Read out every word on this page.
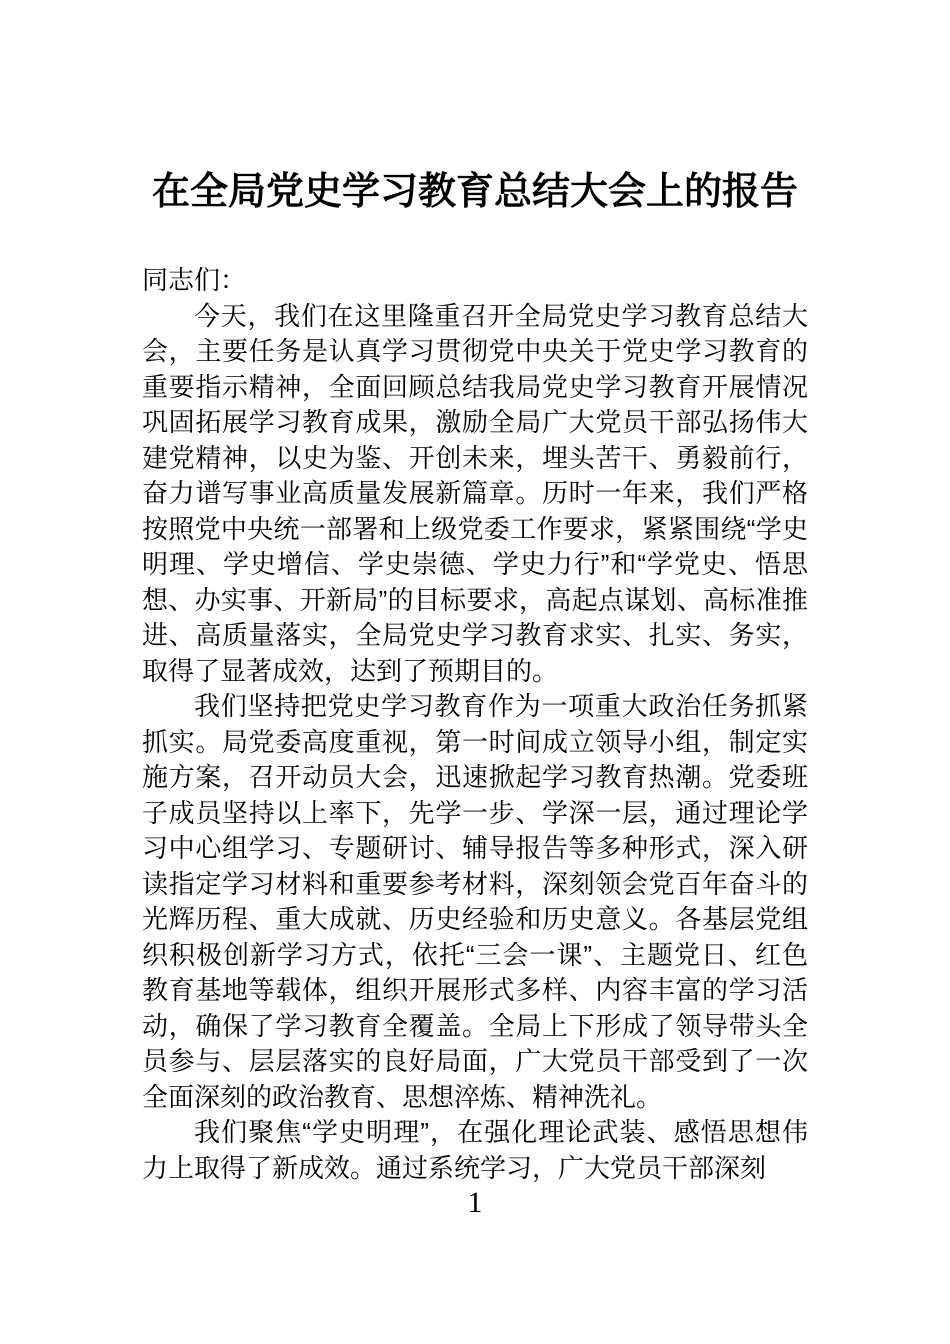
在全局党史学习教育总结大会上的报告

同志们：

今天，我们在这里隆重召开全局党史学习教育总结大会，主要任务是认真学习贯彻党中央关于党史学习教育的重要指示精神，全面回顾总结我局党史学习教育开展情况巩固拓展学习教育成果，激励全局广大党员干部弘扬伟大建党精神，以史为鉴、开创未来，埋头苦干、勇毅前行，奋力谱写事业高质量发展新篇章。历时一年来，我们严格按照党中央统一部署和上级党委工作要求，紧紧围绕“学史明理、学史增信、学史崇德、学史力行”和“学党史、悟思想、办实事、开新局”的目标要求，高起点谋划、高标准推进、高质量落实，全局党史学习教育求实、扎实、务实，取得了显著成效，达到了预期目的。

我们坚持把党史学习教育作为一项重大政治任务抓紧抓实。局党委高度重视，第一时间成立领导小组，制定实施方案，召开动员大会，迅速掀起学习教育热潮。党委班子成员坚持以上率下，先学一步、学深一层，通过理论学习中心组学习、专题研讨、辅导报告等多种形式，深入研读指定学习材料和重要参考材料，深刻领会党百年奋斗的光辉历程、重大成就、历史经验和历史意义。各基层党组织积极创新学习方式，依托“三会一课”、主题党日、红色教育基地等载体，组织开展形式多样、内容丰富的学习活动，确保了学习教育全覆盖。全局上下形成了领导带头全员参与、层层落实的良好局面，广大党员干部受到了一次全面深刻的政治教育、思想淬炼、精神洗礼。

我们聚焦“学史明理”，在强化理论武装、感悟思想伟力上取得了新成效。通过系统学习，广大党员干部深刻

1
